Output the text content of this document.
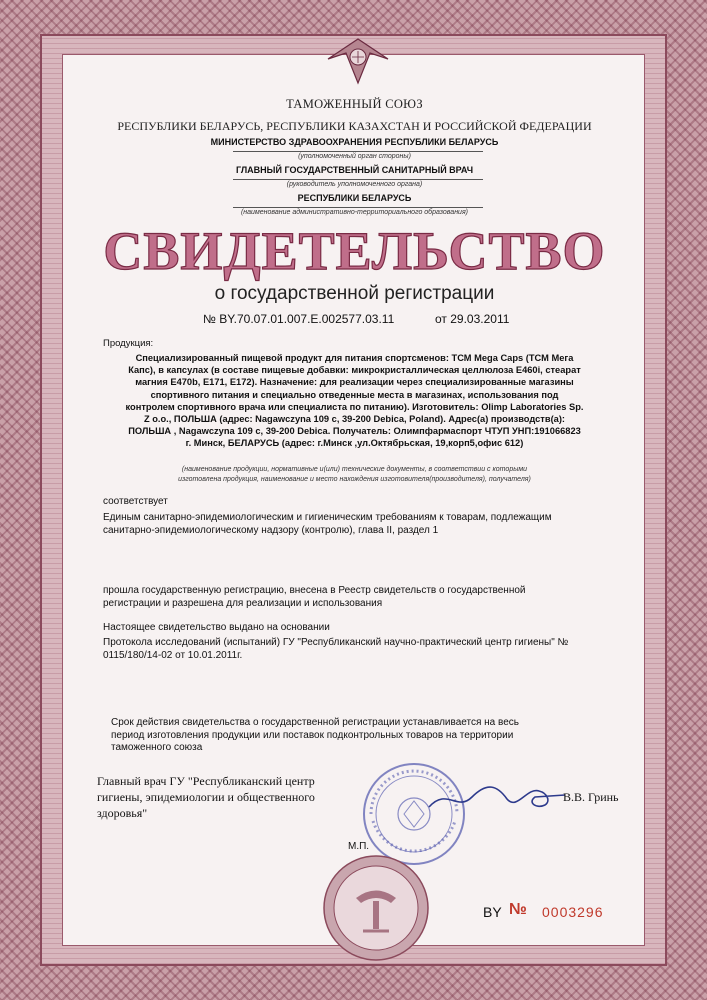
ТАМОЖЕННЫЙ СОЮЗ
РЕСПУБЛИКИ БЕЛАРУСЬ, РЕСПУБЛИКИ КАЗАХСТАН И РОССИЙСКОЙ ФЕДЕРАЦИИ
МИНИСТЕРСТВО ЗДРАВООХРАНЕНИЯ РЕСПУБЛИКИ БЕЛАРУСЬ
(уполномоченный орган стороны)
ГЛАВНЫЙ ГОСУДАРСТВЕННЫЙ САНИТАРНЫЙ ВРАЧ
(руководитель уполномоченного органа)
РЕСПУБЛИКИ БЕЛАРУСЬ
(наименование административно-территориального образования)
СВИДЕТЕЛЬСТВО
о государственной регистрации
№ BY.70.07.01.007.E.002577.03.11	от 29.03.2011
Продукция:
Специализированный пищевой продукт для питания спортсменов: ТСМ Mega Caps (ТСМ Мега
Капс), в капсулах (в составе пищевые добавки: микрокристаллическая целлюлоза Е460i, стеарат
магния Е470b, Е171, Е172). Назначение: для реализации через специализированные магазины
спортивного питания и специально отведенные места в магазинах, использования под
контролем спортивного врача или специалиста по питанию). Изготовитель: Olimp Laboratories Sp.
Z o.o., ПОЛЬША (адрес: Nagawczyna 109 c, 39-200 Debica, Poland). Адрес(а) производств(а):
ПОЛЬША , Nagawczyna 109 c, 39-200 Debica. Получатель: Олимпфармаспорт ЧТУП УНП:191066823
г. Минск, БЕЛАРУСЬ (адрес: г.Минск ,ул.Октябрьская, 19,корп5,офис 612)
(наименование продукции, нормативные и(или) технические документы, в соответствии с которыми
изготовлена продукция, наименование и место нахождения изготовителя(производителя), получателя)
соответствует
Единым санитарно-эпидемиологическим и гигиеническим требованиям к товарам, подлежащим
санитарно-эпидемиологическому надзору (контролю), глава II, раздел 1
прошла государственную регистрацию, внесена в Реестр свидетельств о государственной
регистрации и разрешена для реализации и использования
Настоящее свидетельство выдано на основании
Протокола исследований (испытаний) ГУ "Республиканский научно-практический центр гигиены" №
0115/180/14-02 от 10.01.2011г.
Срок действия свидетельства о государственной регистрации устанавливается на весь
период изготовления продукции или поставок подконтрольных товаров на территории
таможенного союза
Главный врач ГУ "Республиканский центр
гигиены, эпидемиологии и общественного
здоровья"
В.В. Гринь
М.П.
BY № 0003296
